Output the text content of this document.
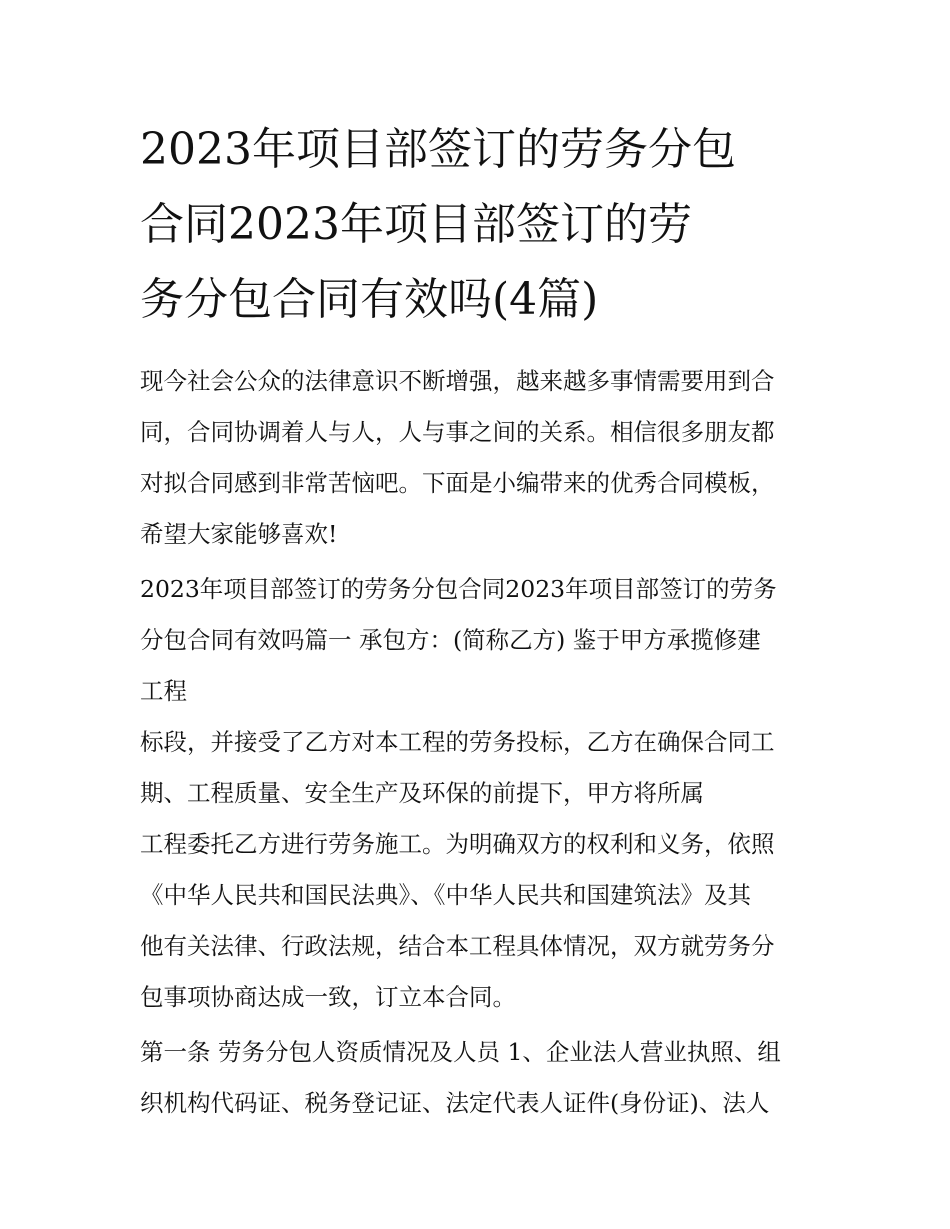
2023年项目部签订的劳务分包
合同2023年项目部签订的劳
务分包合同有效吗(4篇)
现今社会公众的法律意识不断增强，越来越多事情需要用到合
同，合同协调着人与人，人与事之间的关系。相信很多朋友都
对拟合同感到非常苦恼吧。下面是小编带来的优秀合同模板，
希望大家能够喜欢!
2023年项目部签订的劳务分包合同2023年项目部签订的劳务
分包合同有效吗篇一 承包方：(简称乙方) 鉴于甲方承揽修建
工程
标段，并接受了乙方对本工程的劳务投标，乙方在确保合同工
期、工程质量、安全生产及环保的前提下，甲方将所属
工程委托乙方进行劳务施工。为明确双方的权利和义务，依照
《中华人民共和国民法典》、《中华人民共和国建筑法》及其
他有关法律、行政法规，结合本工程具体情况，双方就劳务分
包事项协商达成一致，订立本合同。
第一条 劳务分包人资质情况及人员 1、企业法人营业执照、组
织机构代码证、税务登记证、法定代表人证件(身份证)、法人
